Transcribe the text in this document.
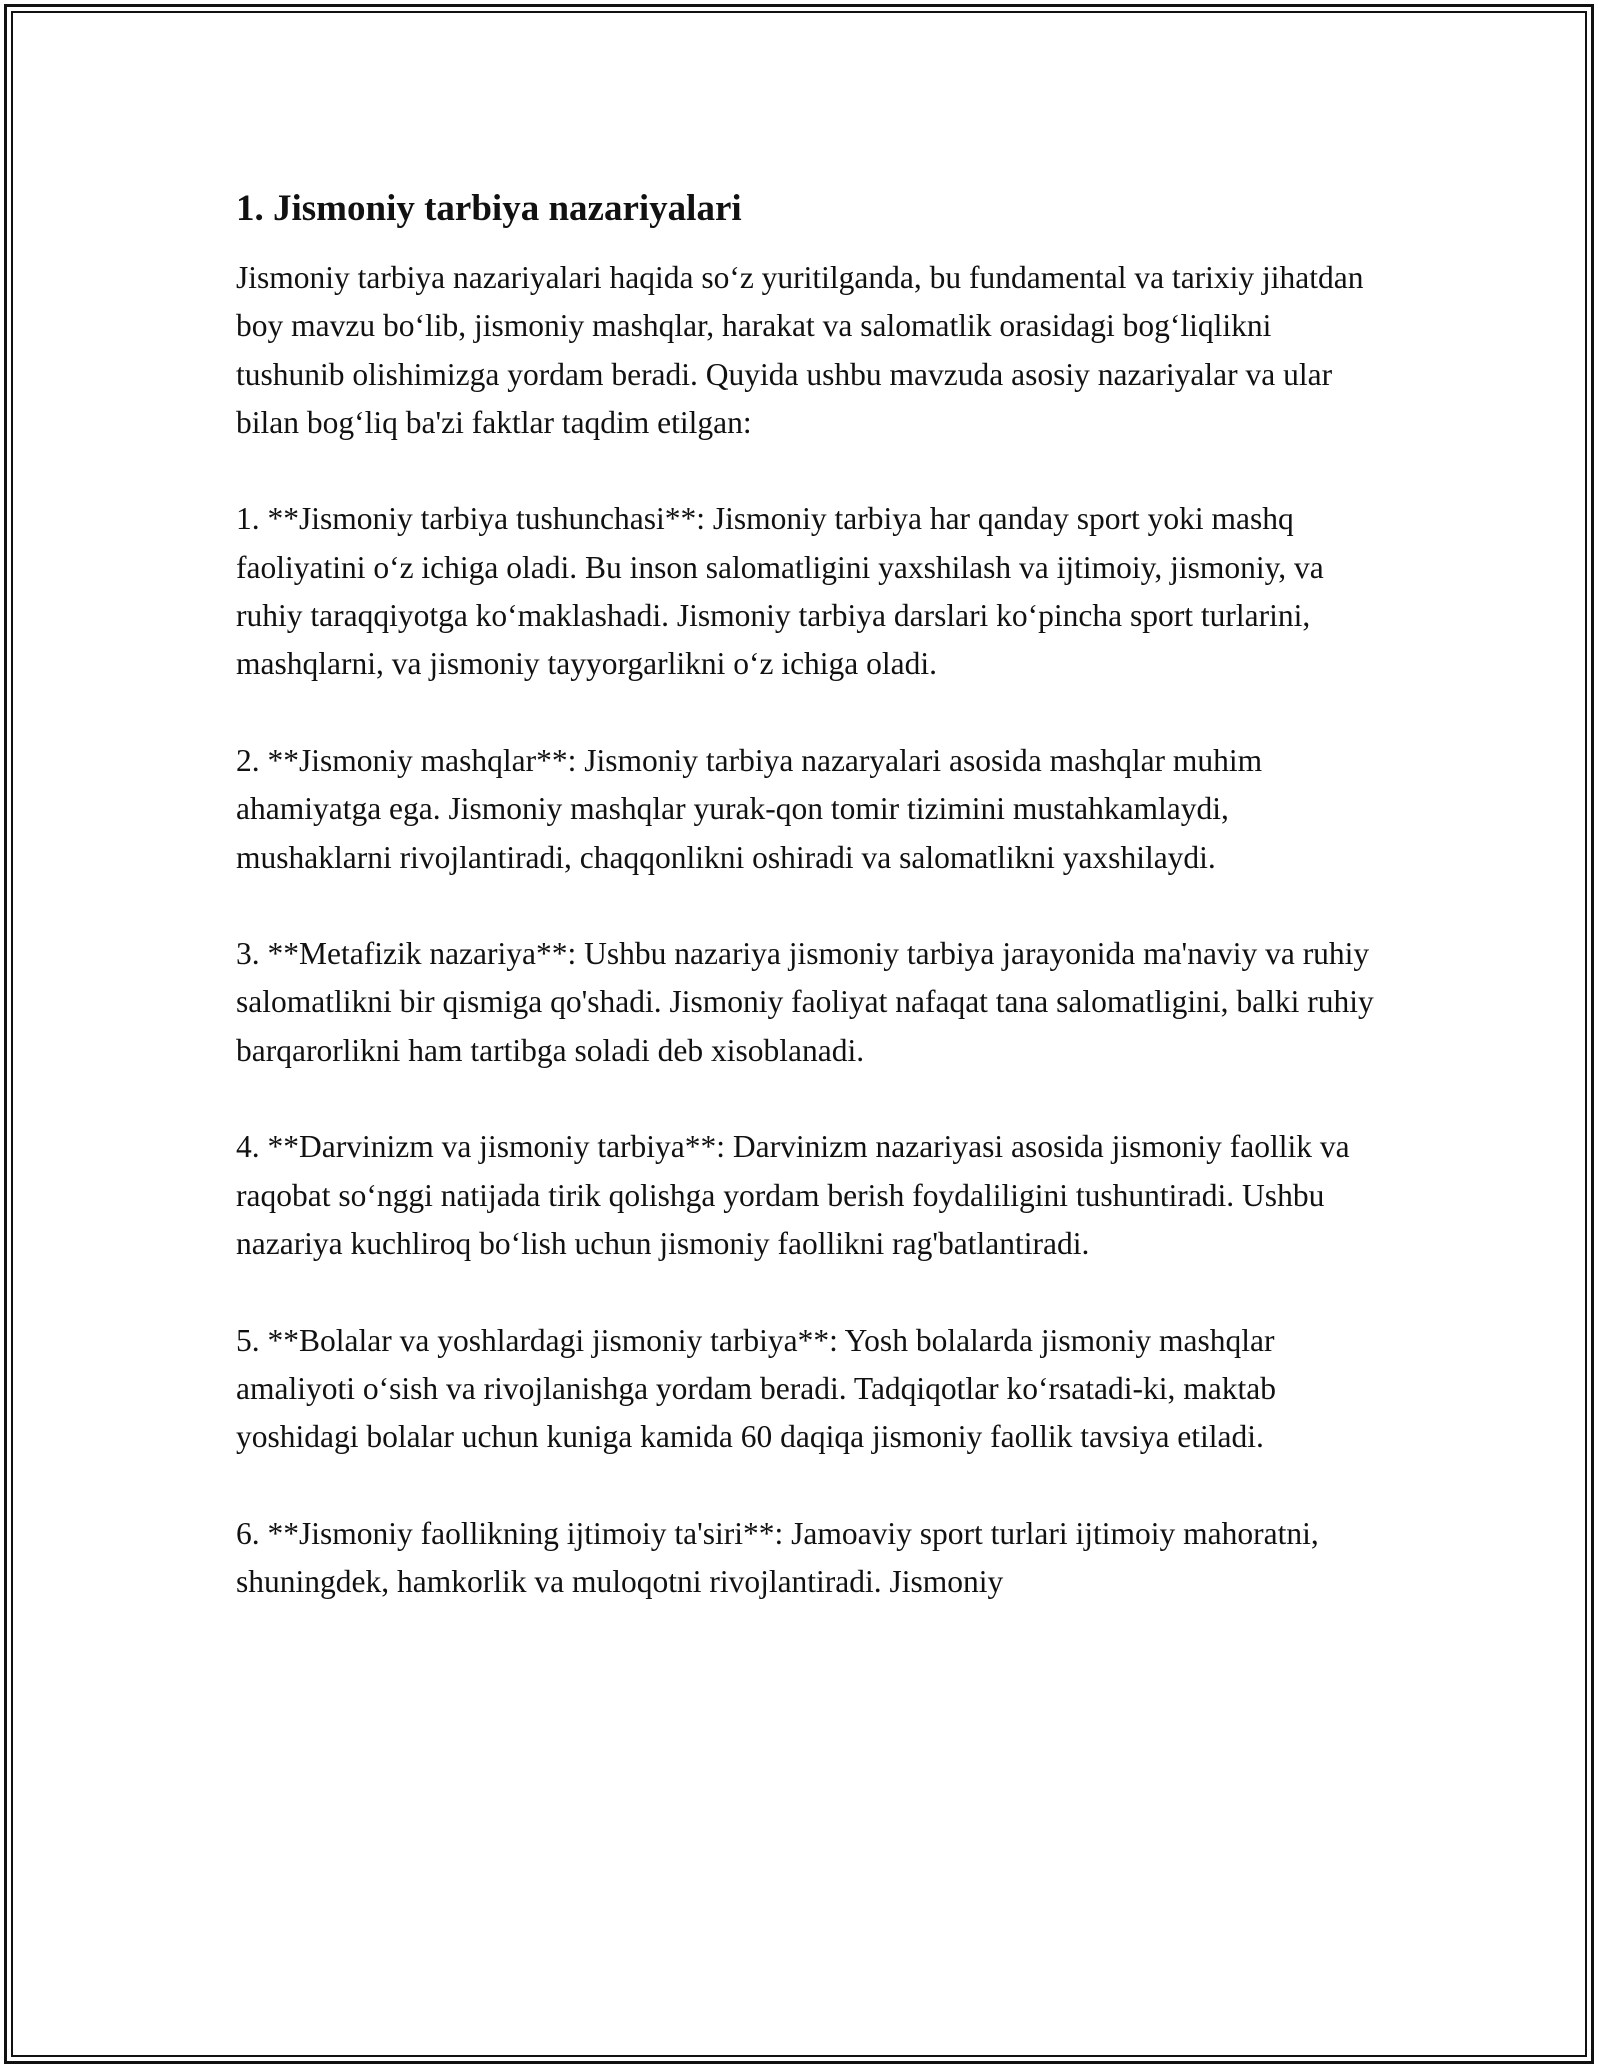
1. Jismoniy tarbiya nazariyalari

Jismoniy tarbiya nazariyalari haqida so‘z yuritilganda, bu fundamental va tarixiy jihatdan boy mavzu bo‘lib, jismoniy mashqlar, harakat va salomatlik orasidagi bog‘liqlikni tushunib olishimizga yordam beradi. Quyida ushbu mavzuda asosiy nazariyalar va ular bilan bog‘liq ba'zi faktlar taqdim etilgan:

1. **Jismoniy tarbiya tushunchasi**: Jismoniy tarbiya har qanday sport yoki mashq faoliyatini o‘z ichiga oladi. Bu inson salomatligini yaxshilash va ijtimoiy, jismoniy, va ruhiy taraqqiyotga ko‘maklashadi. Jismoniy tarbiya darslari ko‘pincha sport turlarini, mashqlarni, va jismoniy tayyorgarlikni o‘z ichiga oladi.

2. **Jismoniy mashqlar**: Jismoniy tarbiya nazaryalari asosida mashqlar muhim ahamiyatga ega. Jismoniy mashqlar yurak-qon tomir tizimini mustahkamlaydi, mushaklarni rivojlantiradi, chaqqonlikni oshiradi va salomatlikni yaxshilaydi.

3. **Metafizik nazariya**: Ushbu nazariya jismoniy tarbiya jarayonida ma'naviy va ruhiy salomatlikni bir qismiga qo'shadi. Jismoniy faoliyat nafaqat tana salomatligini, balki ruhiy barqarorlikni ham tartibga soladi deb xisoblanadi.

4. **Darvinizm va jismoniy tarbiya**: Darvinizm nazariyasi asosida jismoniy faollik va raqobat so‘nggi natijada tirik qolishga yordam berish foydaliligini tushuntiradi. Ushbu nazariya kuchliroq bo‘lish uchun jismoniy faollikni rag'batlantiradi.

5. **Bolalar va yoshlardagi jismoniy tarbiya**: Yosh bolalarda jismoniy mashqlar amaliyoti o‘sish va rivojlanishga yordam beradi. Tadqiqotlar ko‘rsatadi-ki, maktab yoshidagi bolalar uchun kuniga kamida 60 daqiqa jismoniy faollik tavsiya etiladi.

6. **Jismoniy faollikning ijtimoiy ta'siri**: Jamoaviy sport turlari ijtimoiy mahoratni, shuningdek, hamkorlik va muloqotni rivojlantiradi. Jismoniy
